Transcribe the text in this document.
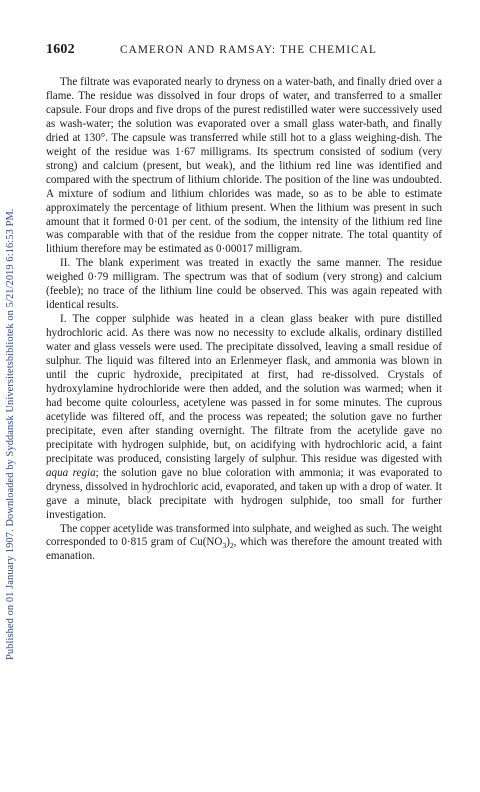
Published on 01 January 1907. Downloaded by Syddansk Universitetsbibliotek on 5/21/2019 6:16:53 PM.
1602	CAMERON AND RAMSAY: THE CHEMICAL

The filtrate was evaporated nearly to dryness on a water-bath, and finally dried over a flame. The residue was dissolved in four drops of water, and transferred to a smaller capsule. Four drops and five drops of the purest redistilled water were successively used as wash-water; the solution was evaporated over a small glass water-bath, and finally dried at 130°. The capsule was transferred while still hot to a glass weighing-dish. The weight of the residue was 1·67 milligrams. Its spectrum consisted of sodium (very strong) and calcium (present, but weak), and the lithium red line was identified and compared with the spectrum of lithium chloride. The position of the line was undoubted. A mixture of sodium and lithium chlorides was made, so as to be able to estimate approximately the percentage of lithium present. When the lithium was present in such amount that it formed 0·01 per cent. of the sodium, the intensity of the lithium red line was comparable with that of the residue from the copper nitrate. The total quantity of lithium therefore may be estimated as 0·00017 milligram.

II. The blank experiment was treated in exactly the same manner. The residue weighed 0·79 milligram. The spectrum was that of sodium (very strong) and calcium (feeble); no trace of the lithium line could be observed. This was again repeated with identical results.

I. The copper sulphide was heated in a clean glass beaker with pure distilled hydrochloric acid. As there was now no necessity to exclude alkalis, ordinary distilled water and glass vessels were used. The precipitate dissolved, leaving a small residue of sulphur. The liquid was filtered into an Erlenmeyer flask, and ammonia was blown in until the cupric hydroxide, precipitated at first, had re-dissolved. Crystals of hydroxylamine hydrochloride were then added, and the solution was warmed; when it had become quite colourless, acetylene was passed in for some minutes. The cuprous acetylide was filtered off, and the process was repeated; the solution gave no further precipitate, even after standing overnight. The filtrate from the acetylide gave no precipitate with hydrogen sulphide, but, on acidifying with hydrochloric acid, a faint precipitate was produced, consisting largely of sulphur. This residue was digested with aqua regia; the solution gave no blue coloration with ammonia; it was evaporated to dryness, dissolved in hydrochloric acid, evaporated, and taken up with a drop of water. It gave a minute, black precipitate with hydrogen sulphide, too small for further investigation.

The copper acetylide was transformed into sulphate, and weighed as such. The weight corresponded to 0·815 gram of $Cu(NO_3)_2$, which was therefore the amount treated with emanation.
